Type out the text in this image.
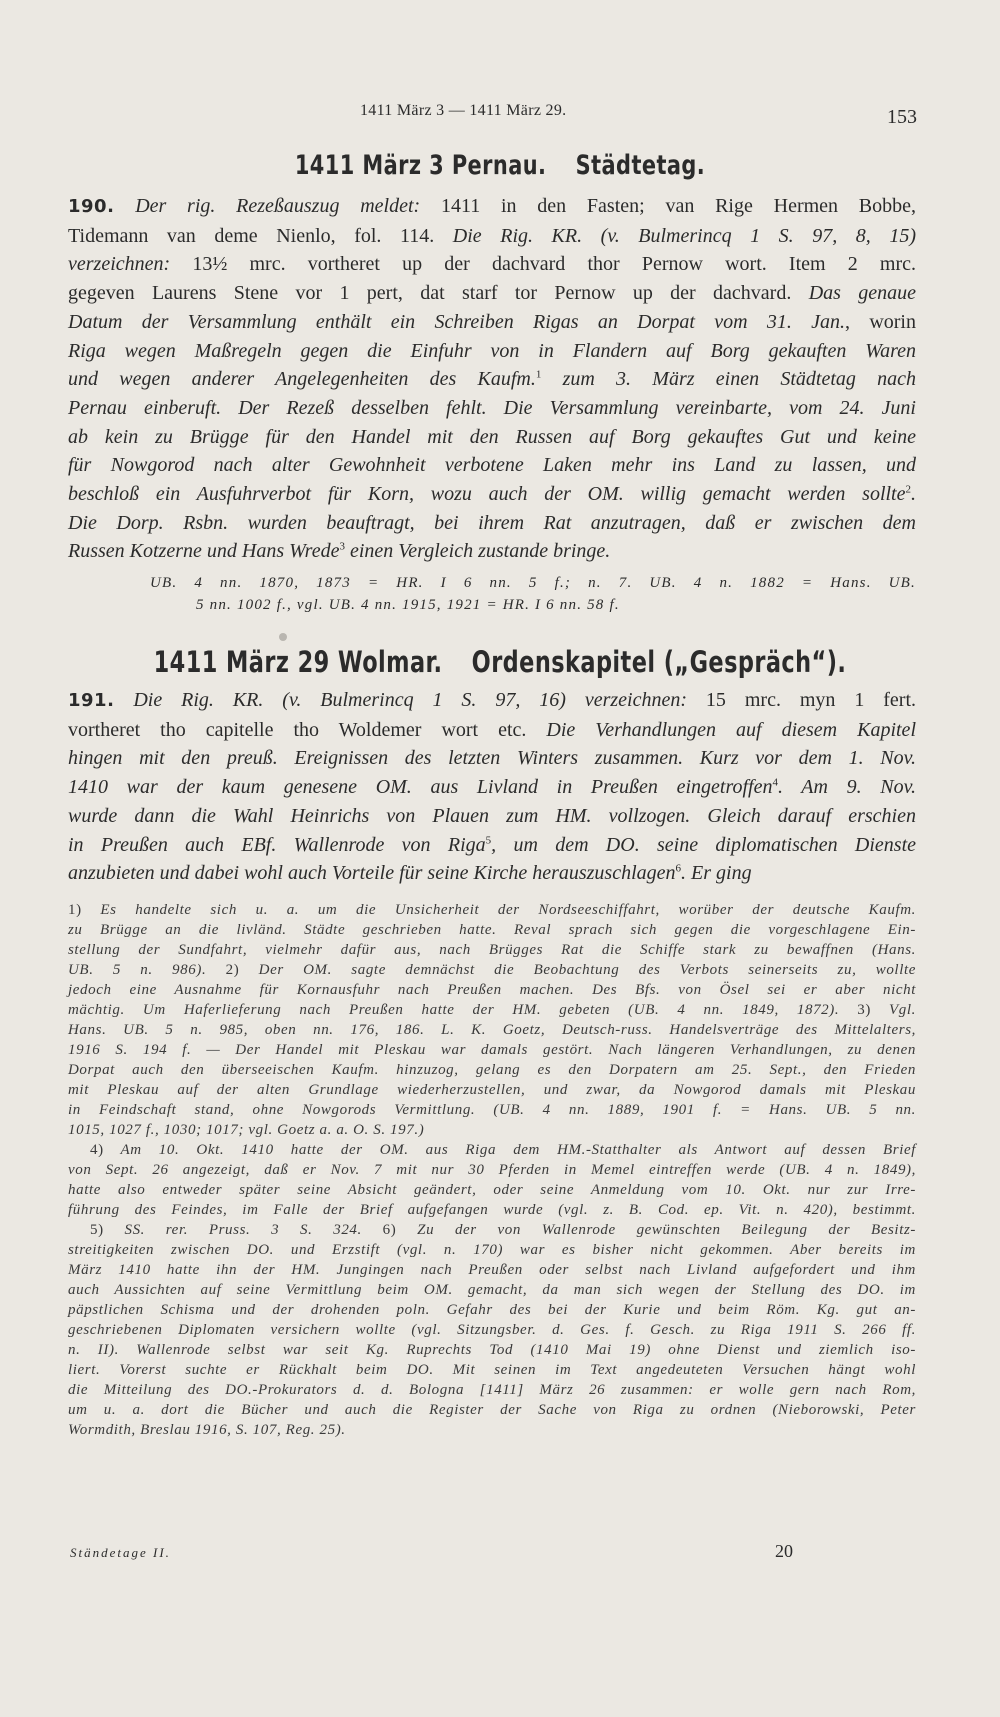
1411 März 3 — 1411 März 29.	153
1411 März 3 Pernau. Städtetag.
190. Der rig. Rezeßauszug meldet: 1411 in den Fasten; van Rige Hermen Bobbe,
Tidemann van deme Nienlo, fol. 114. Die Rig. KR. (v. Bulmerincq 1 S. 97, 8, 15)
verzeichnen: 13½ mrc. vortheret up der dachvard thor Pernow wort. Item 2 mrc.
gegeven Laurens Stene vor 1 pert, dat starf tor Pernow up der dachvard. Das genaue
Datum der Versammlung enthält ein Schreiben Rigas an Dorpat vom 31. Jan., worin
Riga wegen Maßregeln gegen die Einfuhr von in Flandern auf Borg gekauften Waren
und wegen anderer Angelegenheiten des Kaufm.$^1$ zum 3. März einen Städtetag nach
Pernau einberuft. Der Rezeß desselben fehlt. Die Versammlung vereinbarte, vom 24. Juni
ab kein zu Brügge für den Handel mit den Russen auf Borg gekauftes Gut und keine
für Nowgorod nach alter Gewohnheit verbotene Laken mehr ins Land zu lassen, und
beschloß ein Ausfuhrverbot für Korn, wozu auch der OM. willig gemacht werden sollte$^2$.
Die Dorp. Rsbn. wurden beauftragt, bei ihrem Rat anzutragen, daß er zwischen dem
Russen Kotzerne und Hans Wrede$^3$ einen Vergleich zustande bringe.
UB. 4 nn. 1870, 1873 = HR. I 6 nn. 5 f.; n. 7. UB. 4 n. 1882 = Hans. UB.
5 nn. 1002 f., vgl. UB. 4 nn. 1915, 1921 = HR. I 6 nn. 58 f.
1411 März 29 Wolmar. Ordenskapitel („Gespräch“).
191. Die Rig. KR. (v. Bulmerincq 1 S. 97, 16) verzeichnen: 15 mrc. myn 1 fert.
vortheret tho capitelle tho Woldemer wort etc. Die Verhandlungen auf diesem Kapitel
hingen mit den preuß. Ereignissen des letzten Winters zusammen. Kurz vor dem 1. Nov.
1410 war der kaum genesene OM. aus Livland in Preußen eingetroffen$^4$. Am 9. Nov.
wurde dann die Wahl Heinrichs von Plauen zum HM. vollzogen. Gleich darauf erschien
in Preußen auch EBf. Wallenrode von Riga$^5$, um dem DO. seine diplomatischen Dienste
anzubieten und dabei wohl auch Vorteile für seine Kirche herauszuschlagen$^6$. Er ging
1) Es handelte sich u. a. um die Unsicherheit der Nordseeschiffahrt, worüber der deutsche Kaufm.
zu Brügge an die livländ. Städte geschrieben hatte. Reval sprach sich gegen die vorgeschlagene Ein-
stellung der Sundfahrt, vielmehr dafür aus, nach Brügges Rat die Schiffe stark zu bewaffnen (Hans.
UB. 5 n. 986). 2) Der OM. sagte demnächst die Beobachtung des Verbots seinerseits zu, wollte
jedoch eine Ausnahme für Kornausfuhr nach Preußen machen. Des Bfs. von Ösel sei er aber nicht
mächtig. Um Haferlieferung nach Preußen hatte der HM. gebeten (UB. 4 nn. 1849, 1872). 3) Vgl.
Hans. UB. 5 n. 985, oben nn. 176, 186. L. K. Goetz, Deutsch-russ. Handelsverträge des Mittelalters,
1916 S. 194 f. — Der Handel mit Pleskau war damals gestört. Nach längeren Verhandlungen, zu denen
Dorpat auch den überseeischen Kaufm. hinzuzog, gelang es den Dorpatern am 25. Sept., den Frieden
mit Pleskau auf der alten Grundlage wiederherzustellen, und zwar, da Nowgorod damals mit Pleskau
in Feindschaft stand, ohne Nowgorods Vermittlung. (UB. 4 nn. 1889, 1901 f. = Hans. UB. 5 nn.
1015, 1027 f., 1030; 1017; vgl. Goetz a. a. O. S. 197.)
4) Am 10. Okt. 1410 hatte der OM. aus Riga dem HM.-Statthalter als Antwort auf dessen Brief
von Sept. 26 angezeigt, daß er Nov. 7 mit nur 30 Pferden in Memel eintreffen werde (UB. 4 n. 1849),
hatte also entweder später seine Absicht geändert, oder seine Anmeldung vom 10. Okt. nur zur Irre-
führung des Feindes, im Falle der Brief aufgefangen wurde (vgl. z. B. Cod. ep. Vit. n. 420), bestimmt.
5) SS. rer. Pruss. 3 S. 324. 6) Zu der von Wallenrode gewünschten Beilegung der Besitz-
streitigkeiten zwischen DO. und Erzstift (vgl. n. 170) war es bisher nicht gekommen. Aber bereits im
März 1410 hatte ihn der HM. Jungingen nach Preußen oder selbst nach Livland aufgefordert und ihm
auch Aussichten auf seine Vermittlung beim OM. gemacht, da man sich wegen der Stellung des DO. im
päpstlichen Schisma und der drohenden poln. Gefahr des bei der Kurie und beim Röm. Kg. gut an-
geschriebenen Diplomaten versichern wollte (vgl. Sitzungsber. d. Ges. f. Gesch. zu Riga 1911 S. 266 ff.
n. II). Wallenrode selbst war seit Kg. Ruprechts Tod (1410 Mai 19) ohne Dienst und ziemlich iso-
liert. Vorerst suchte er Rückhalt beim DO. Mit seinen im Text angedeuteten Versuchen hängt wohl
die Mitteilung des DO.-Prokurators d. d. Bologna [1411] März 26 zusammen: er wolle gern nach Rom,
um u. a. dort die Bücher und auch die Register der Sache von Riga zu ordnen (Nieborowski, Peter
Wormdith, Breslau 1916, S. 107, Reg. 25).
Ständetage II.	20
